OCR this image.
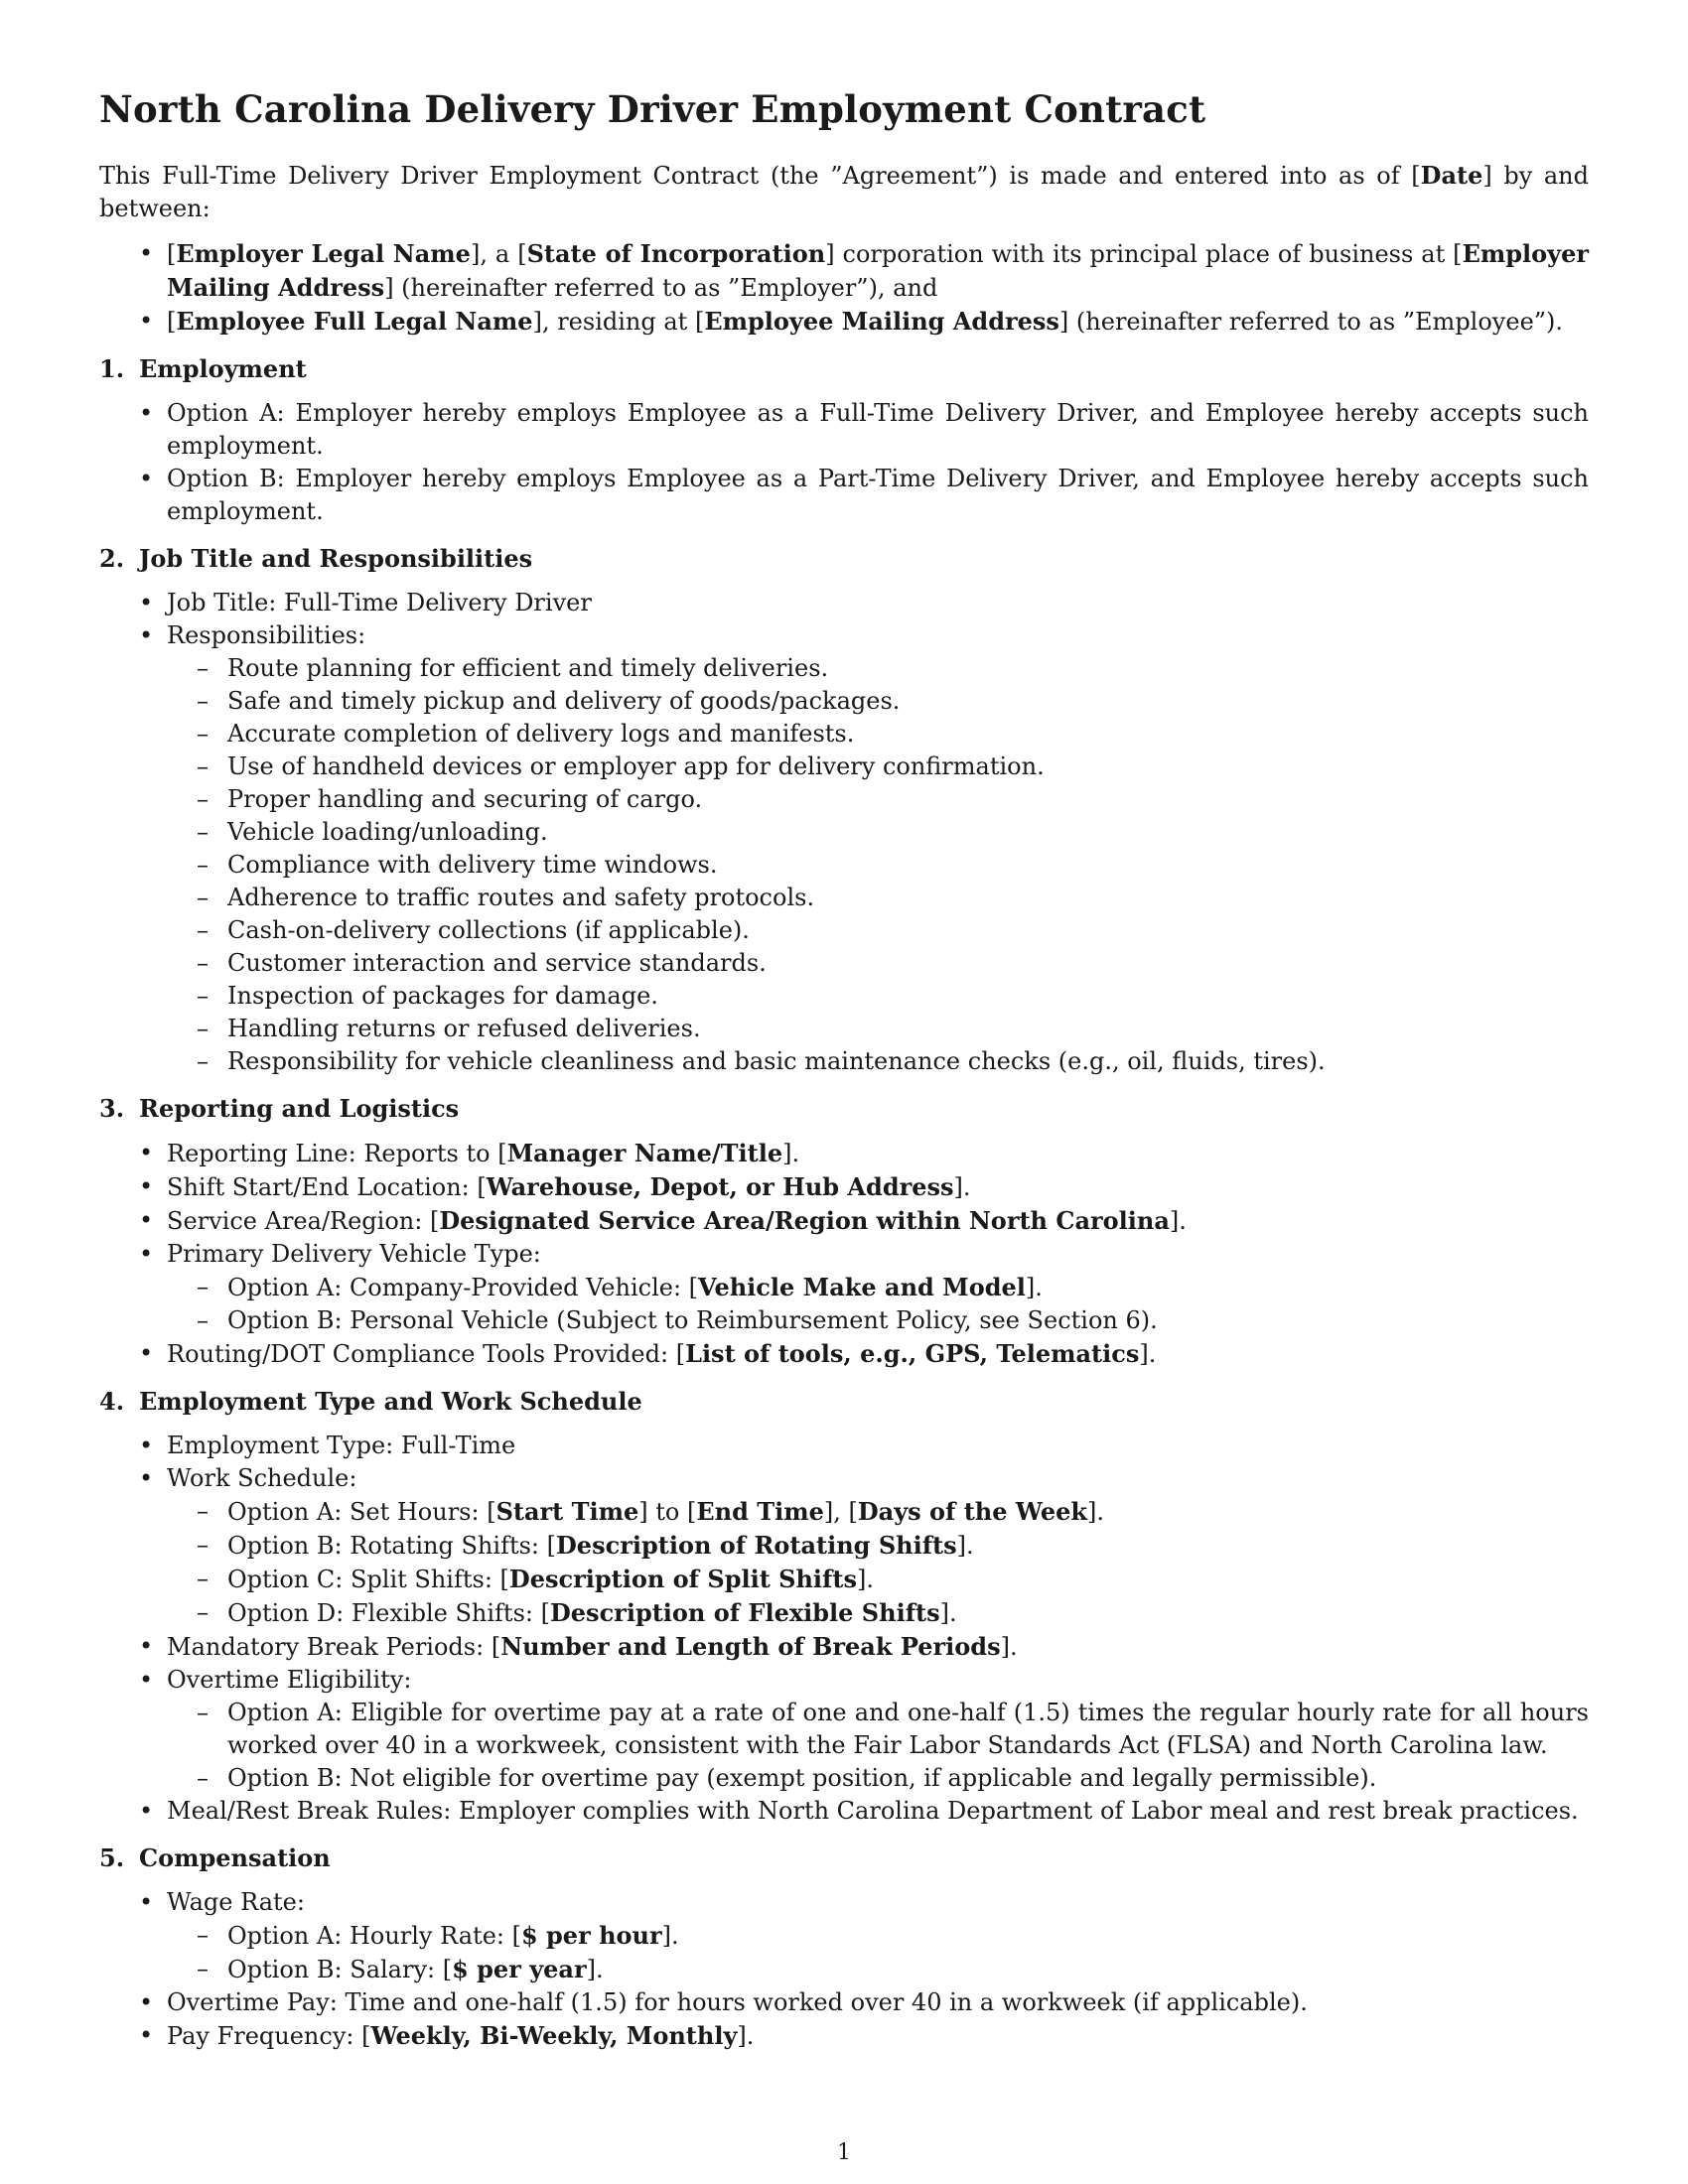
North Carolina Delivery Driver Employment Contract

This Full-Time Delivery Driver Employment Contract (the ”Agreement”) is made and entered into as of [Date] by and between:

• [Employer Legal Name], a [State of Incorporation] corporation with its principal place of business at [Employer Mailing Address] (hereinafter referred to as ”Employer”), and
• [Employee Full Legal Name], residing at [Employee Mailing Address] (hereinafter referred to as ”Employee”).
1. Employment
• Option A: Employer hereby employs Employee as a Full-Time Delivery Driver, and Employee hereby accepts such employment.
• Option B: Employer hereby employs Employee as a Part-Time Delivery Driver, and Employee hereby accepts such employment.
2. Job Title and Responsibilities
• Job Title: Full-Time Delivery Driver
• Responsibilities:
– Route planning for efficient and timely deliveries.
– Safe and timely pickup and delivery of goods/packages.
– Accurate completion of delivery logs and manifests.
– Use of handheld devices or employer app for delivery confirmation.
– Proper handling and securing of cargo.
– Vehicle loading/unloading.
– Compliance with delivery time windows.
– Adherence to traffic routes and safety protocols.
– Cash-on-delivery collections (if applicable).
– Customer interaction and service standards.
– Inspection of packages for damage.
– Handling returns or refused deliveries.
– Responsibility for vehicle cleanliness and basic maintenance checks (e.g., oil, fluids, tires).
3. Reporting and Logistics
• Reporting Line: Reports to [Manager Name/Title].
• Shift Start/End Location: [Warehouse, Depot, or Hub Address].
• Service Area/Region: [Designated Service Area/Region within North Carolina].
• Primary Delivery Vehicle Type:
– Option A: Company-Provided Vehicle: [Vehicle Make and Model].
– Option B: Personal Vehicle (Subject to Reimbursement Policy, see Section 6).
• Routing/DOT Compliance Tools Provided: [List of tools, e.g., GPS, Telematics].
4. Employment Type and Work Schedule
• Employment Type: Full-Time
• Work Schedule:
– Option A: Set Hours: [Start Time] to [End Time], [Days of the Week].
– Option B: Rotating Shifts: [Description of Rotating Shifts].
– Option C: Split Shifts: [Description of Split Shifts].
– Option D: Flexible Shifts: [Description of Flexible Shifts].
• Mandatory Break Periods: [Number and Length of Break Periods].
• Overtime Eligibility:
– Option A: Eligible for overtime pay at a rate of one and one-half (1.5) times the regular hourly rate for all hours worked over 40 in a workweek, consistent with the Fair Labor Standards Act (FLSA) and North Carolina law.
– Option B: Not eligible for overtime pay (exempt position, if applicable and legally permissible).
• Meal/Rest Break Rules: Employer complies with North Carolina Department of Labor meal and rest break practices.
5. Compensation
• Wage Rate:
– Option A: Hourly Rate: [$ per hour].
– Option B: Salary: [$ per year].
• Overtime Pay: Time and one-half (1.5) for hours worked over 40 in a workweek (if applicable).
• Pay Frequency: [Weekly, Bi-Weekly, Monthly].
1
